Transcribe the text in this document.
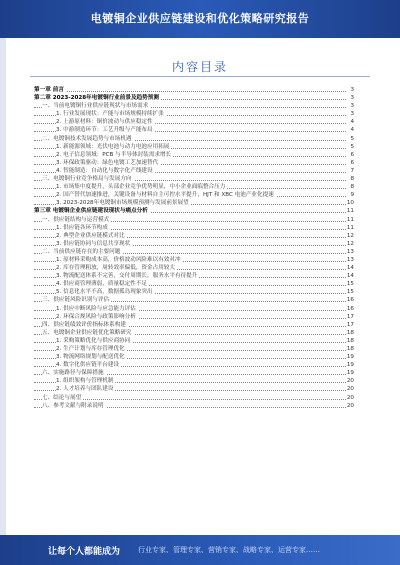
电镀铜企业供应链建设和优化策略研究报告
内容目录
第一章 前言	3
第二章 2023-2028年电镀铜行业前景及趋势预测	3
一、当前电镀铜行业供应链现状与市场需求	3
1. 行业发展现状：产能与市场规模持续扩张	3
2. 上游原材料：铜价波动与供应稳定性	4
3. 中游制造环节：工艺升级与产能布局	4
二、电镀铜技术发展趋势与市场机遇	5
1. 新能源领域：光伏电池与动力电池应用拓展	5
2. 电子信息领域：PCB 与半导体封装需求增长	6
3. 环保政策驱动：绿色电镀工艺加速替代	6
4. 智能制造：自动化与数字化产线建设	7
三、电镀铜行业竞争格局与发展方向	8
1. 市场集中度提升，头部企业竞争优势明显，中小企业面临整合压力	8
2. 国产替代加速推进，关键设备与材料自主可控水平提升，HJT 和 XBC 电池产业化提速	9
3. 2023-2028年电镀铜市场规模预测与发展前景展望	10
第三章 电镀铜企业供应链建设现状与痛点分析	11
一、供应链结构与运营模式	11
1. 供应链各环节构成	11
2. 典型企业供应链模式对比	12
3. 供应链协同与信息共享现状	12
二、当前供应链存在的主要问题	13
1. 原材料采购成本高，价格波动风险难以有效对冲	13
2. 库存管理粗放，周转效率偏低，资金占用较大	14
3. 物流配送体系不完善，交付周期长，服务水平有待提升	14
4. 供应商管理薄弱，质量稳定性不足	15
5. 信息化水平不高，数据孤岛现象突出	15
三、供应链风险识别与评估	16
1. 供应中断风险与应急能力评估	16
2. 环保合规风险与政策影响分析	17
四、供应链绩效评价指标体系构建	17
五、电镀铜企业供应链优化策略研究	18
1. 采购策略优化与供应商协同	18
2. 生产计划与库存管理优化	18
3. 物流网络规划与配送优化	19
4. 数字化供应链平台建设	19
六、实施路径与保障措施	19
1. 组织架构与管理机制	20
2. 人才培养与团队建设	20
七、结论与展望	20
八、参考文献与附录说明	20
让每个人都能成为	行业专家、管理专家、营销专家、战略专家、运营专家……
